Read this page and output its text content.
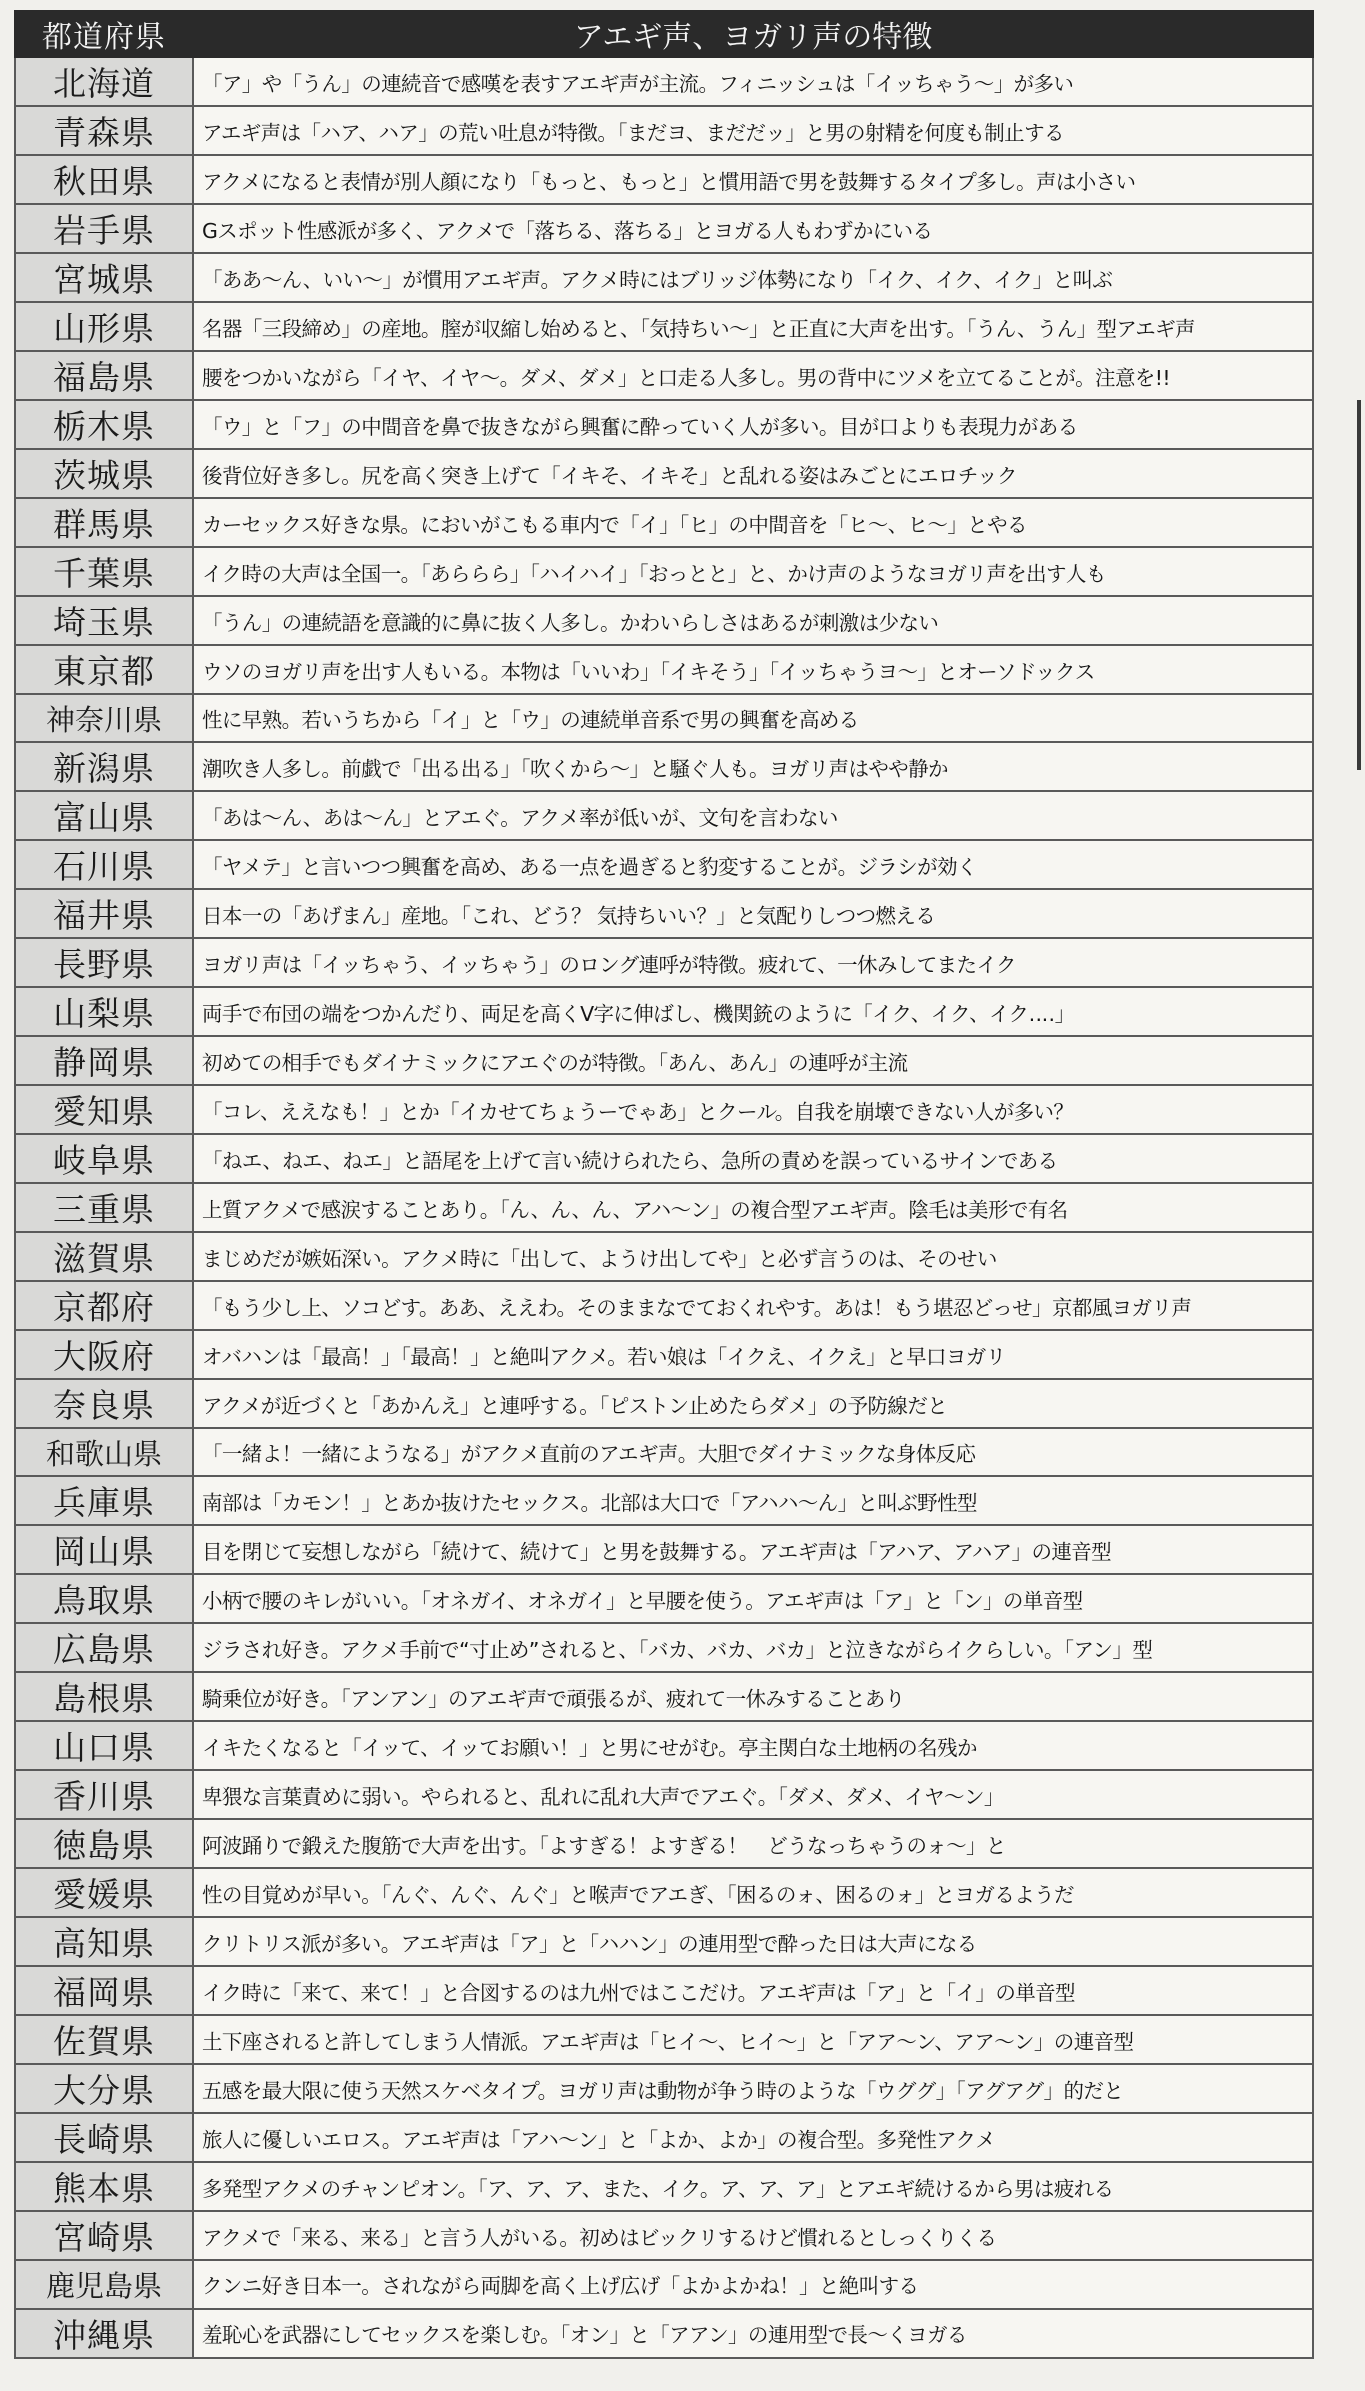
都道府県	アエギ声、ヨガリ声の特徴
北海道	「ア」や「うん」の連続音で感嘆を表すアエギ声が主流。フィニッシュは「イッちゃう～」が多い
青森県	アエギ声は「ハア、ハア」の荒い吐息が特徴。「まだヨ、まだだッ」と男の射精を何度も制止する
秋田県	アクメになると表情が別人顔になり「もっと、もっと」と慣用語で男を鼓舞するタイプ多し。声は小さい
岩手県	Gスポット性感派が多く、アクメで「落ちる、落ちる」とヨガる人もわずかにいる
宮城県	「ああ～ん、いい～」が慣用アエギ声。アクメ時にはブリッジ体勢になり「イク、イク、イク」と叫ぶ
山形県	名器「三段締め」の産地。膣が収縮し始めると、「気持ちい～」と正直に大声を出す。「うん、うん」型アエギ声
福島県	腰をつかいながら「イヤ、イヤ～。ダメ、ダメ」と口走る人多し。男の背中にツメを立てることが。注意を!!
栃木県	「ウ」と「フ」の中間音を鼻で抜きながら興奮に酔っていく人が多い。目が口よりも表現力がある
茨城県	後背位好き多し。尻を高く突き上げて「イキそ、イキそ」と乱れる姿はみごとにエロチック
群馬県	カーセックス好きな県。においがこもる車内で「イ」「ヒ」の中間音を「ヒ～、ヒ～」とやる
千葉県	イク時の大声は全国一。「あららら」「ハイハイ」「おっとと」と、かけ声のようなヨガリ声を出す人も
埼玉県	「うん」の連続語を意識的に鼻に抜く人多し。かわいらしさはあるが刺激は少ない
東京都	ウソのヨガリ声を出す人もいる。本物は「いいわ」「イキそう」「イッちゃうヨ～」とオーソドックス
神奈川県	性に早熟。若いうちから「イ」と「ウ」の連続単音系で男の興奮を高める
新潟県	潮吹き人多し。前戯で「出る出る」「吹くから～」と騒ぐ人も。ヨガリ声はやや静か
富山県	「あは～ん、あは～ん」とアエぐ。アクメ率が低いが、文句を言わない
石川県	「ヤメテ」と言いつつ興奮を高め、ある一点を過ぎると豹変することが。ジラシが効く
福井県	日本一の「あげまん」産地。「これ、どう？ 気持ちいい？」と気配りしつつ燃える
長野県	ヨガリ声は「イッちゃう、イッちゃう」のロング連呼が特徴。疲れて、一休みしてまたイク
山梨県	両手で布団の端をつかんだり、両足を高くV字に伸ばし、機関銃のように「イク、イク、イク‥‥」
静岡県	初めての相手でもダイナミックにアエぐのが特徴。「あん、あん」の連呼が主流
愛知県	「コレ、ええなも！」とか「イカせてちょうーでゃあ」とクール。自我を崩壊できない人が多い？
岐阜県	「ねエ、ねエ、ねエ」と語尾を上げて言い続けられたら、急所の責めを誤っているサインである
三重県	上質アクメで感涙することあり。「ん、ん、ん、アハ～ン」の複合型アエギ声。陰毛は美形で有名
滋賀県	まじめだが嫉妬深い。アクメ時に「出して、ようけ出してや」と必ず言うのは、そのせい
京都府	「もう少し上、ソコどす。ああ、ええわ。そのままなでておくれやす。あは！もう堪忍どっせ」京都風ヨガリ声
大阪府	オバハンは「最高！」「最高！」と絶叫アクメ。若い娘は「イクえ、イクえ」と早口ヨガリ
奈良県	アクメが近づくと「あかんえ」と連呼する。「ピストン止めたらダメ」の予防線だと
和歌山県	「一緒よ！一緒にようなる」がアクメ直前のアエギ声。大胆でダイナミックな身体反応
兵庫県	南部は「カモン！」とあか抜けたセックス。北部は大口で「アハハ～ん」と叫ぶ野性型
岡山県	目を閉じて妄想しながら「続けて、続けて」と男を鼓舞する。アエギ声は「アハア、アハア」の連音型
鳥取県	小柄で腰のキレがいい。「オネガイ、オネガイ」と早腰を使う。アエギ声は「ア」と「ン」の単音型
広島県	ジラされ好き。アクメ手前で“寸止め”されると、「バカ、バカ、バカ」と泣きながらイクらしい。「アン」型
島根県	騎乗位が好き。「アンアン」のアエギ声で頑張るが、疲れて一休みすることあり
山口県	イキたくなると「イッて、イッてお願い！」と男にせがむ。亭主関白な土地柄の名残か
香川県	卑猥な言葉責めに弱い。やられると、乱れに乱れ大声でアエぐ。「ダメ、ダメ、イヤ～ン」
徳島県	阿波踊りで鍛えた腹筋で大声を出す。「よすぎる！よすぎる！　どうなっちゃうのォ～」と
愛媛県	性の目覚めが早い。「んぐ、んぐ、んぐ」と喉声でアエぎ、「困るのォ、困るのォ」とヨガるようだ
高知県	クリトリス派が多い。アエギ声は「ア」と「ハハン」の連用型で酔った日は大声になる
福岡県	イク時に「来て、来て！」と合図するのは九州ではここだけ。アエギ声は「ア」と「イ」の単音型
佐賀県	土下座されると許してしまう人情派。アエギ声は「ヒイ～、ヒイ～」と「アア～ン、アア～ン」の連音型
大分県	五感を最大限に使う天然スケベタイプ。ヨガリ声は動物が争う時のような「ウググ」「アグアグ」的だと
長崎県	旅人に優しいエロス。アエギ声は「アハ～ン」と「よか、よか」の複合型。多発性アクメ
熊本県	多発型アクメのチャンピオン。「ア、ア、ア、また、イク。ア、ア、ア」とアエギ続けるから男は疲れる
宮崎県	アクメで「来る、来る」と言う人がいる。初めはビックリするけど慣れるとしっくりくる
鹿児島県	クンニ好き日本一。されながら両脚を高く上げ広げ「よかよかね！」と絶叫する
沖縄県	羞恥心を武器にしてセックスを楽しむ。「オン」と「アアン」の連用型で長～くヨガる
